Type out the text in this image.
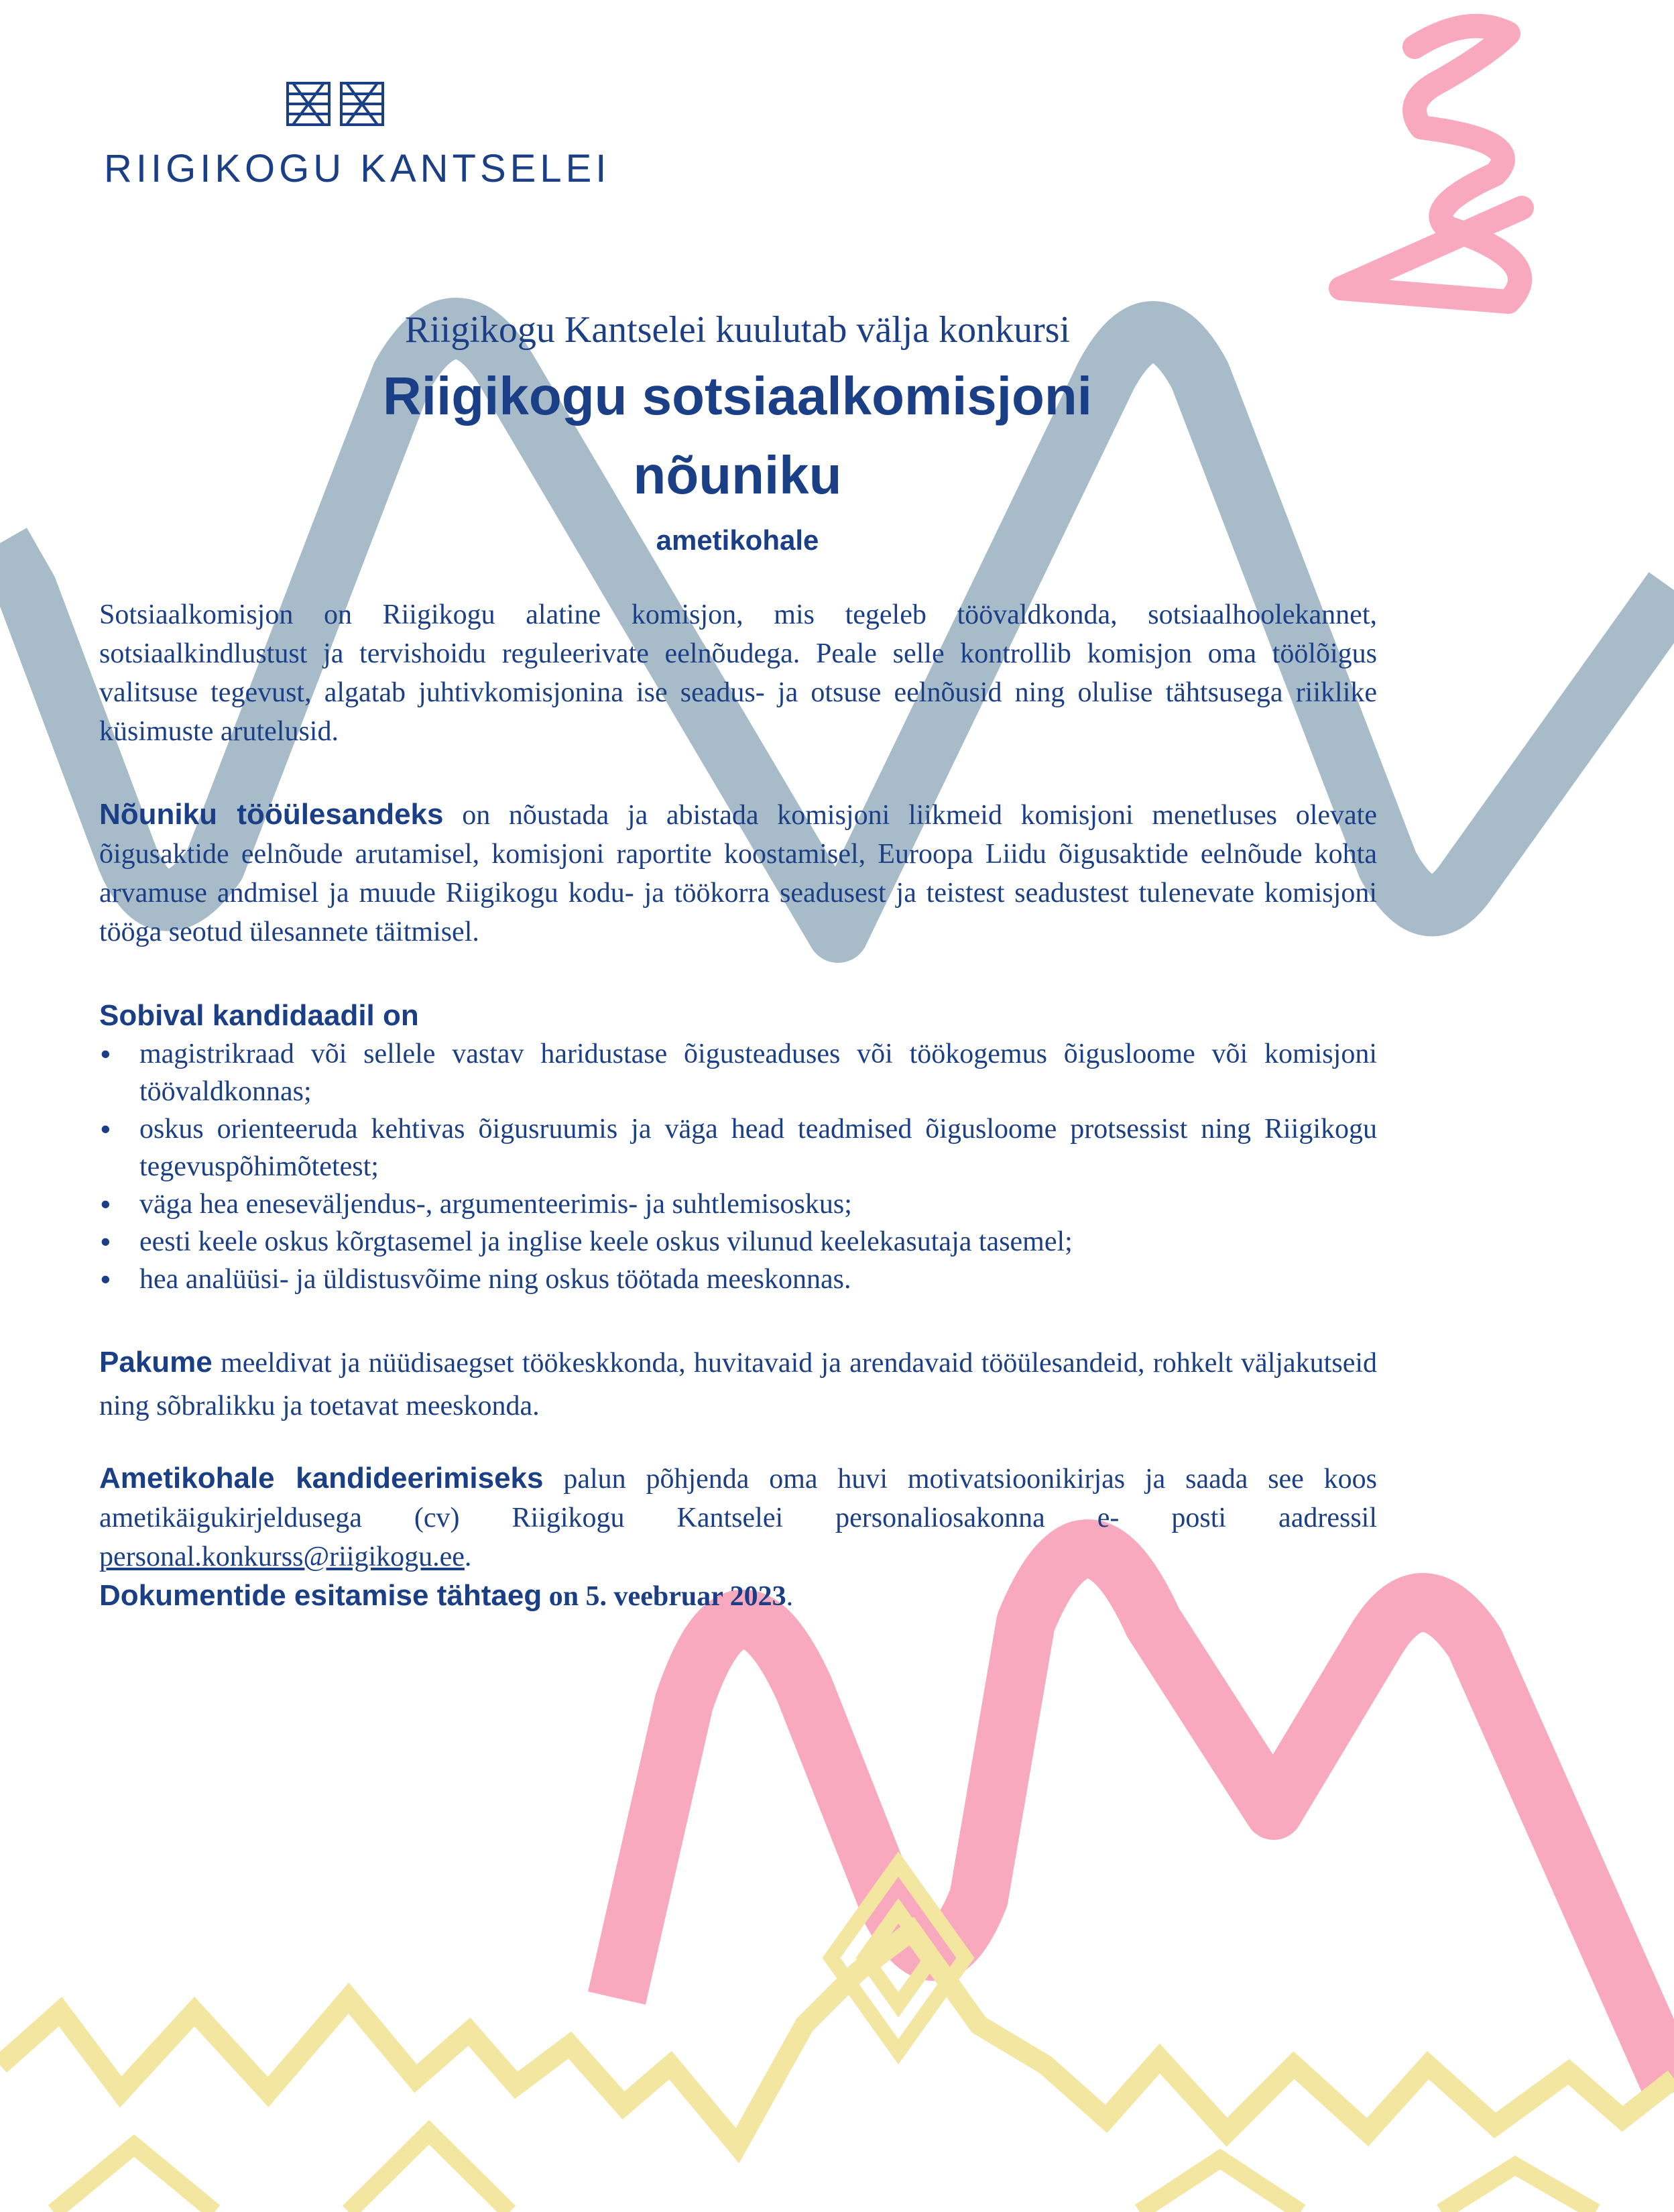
RIIGIKOGU KANTSELEI

Riigikogu Kantselei kuulutab välja konkursi

Riigikogu sotsiaalkomisjoni

nõuniku

ametikohale

Sotsiaalkomisjon on Riigikogu alatine komisjon, mis tegeleb töövaldkonda, sotsiaalhoolekannet, sotsiaalkindlustust ja tervishoidu reguleerivate eelnõudega. Peale selle kontrollib komisjon oma töölõigus valitsuse tegevust, algatab juhtivkomisjonina ise seadus- ja otsuse eelnõusid ning olulise tähtsusega riiklike küsimuste arutelusid.

Nõuniku tööülesandeks on nõustada ja abistada komisjoni liikmeid komisjoni menetluses olevate õigusaktide eelnõude arutamisel, komisjoni raportite koostamisel, Euroopa Liidu õigusaktide eelnõude kohta arvamuse andmisel ja muude Riigikogu kodu- ja töökorra seadusest ja teistest seadustest tulenevate komisjoni tööga seotud ülesannete täitmisel.

Sobival kandidaadil on

• magistrikraad või sellele vastav haridustase õigusteaduses või töökogemus õigusloome või komisjoni töövaldkonnas;
• oskus orienteeruda kehtivas õigusruumis ja väga head teadmised õigusloome protsessist ning Riigikogu tegevuspõhimõtetest;
• väga hea eneseväljendus-, argumenteerimis- ja suhtlemisoskus;
• eesti keele oskus kõrgtasemel ja inglise keele oskus vilunud keelekasutaja tasemel;
• hea analüüsi- ja üldistusvõime ning oskus töötada meeskonnas.

Pakume meeldivat ja nüüdisaegset töökeskkonda, huvitavaid ja arendavaid tööülesandeid, rohkelt väljakutseid ning sõbralikku ja toetavat meeskonda.

Ametikohale kandideerimiseks palun põhjenda oma huvi motivatsioonikirjas ja saada see koos ametikäigukirjeldusega (cv) Riigikogu Kantselei personaliosakonna e- posti aadressil personal.konkurss@riigikogu.ee.

Dokumentide esitamise tähtaeg on 5. veebruar 2023.
